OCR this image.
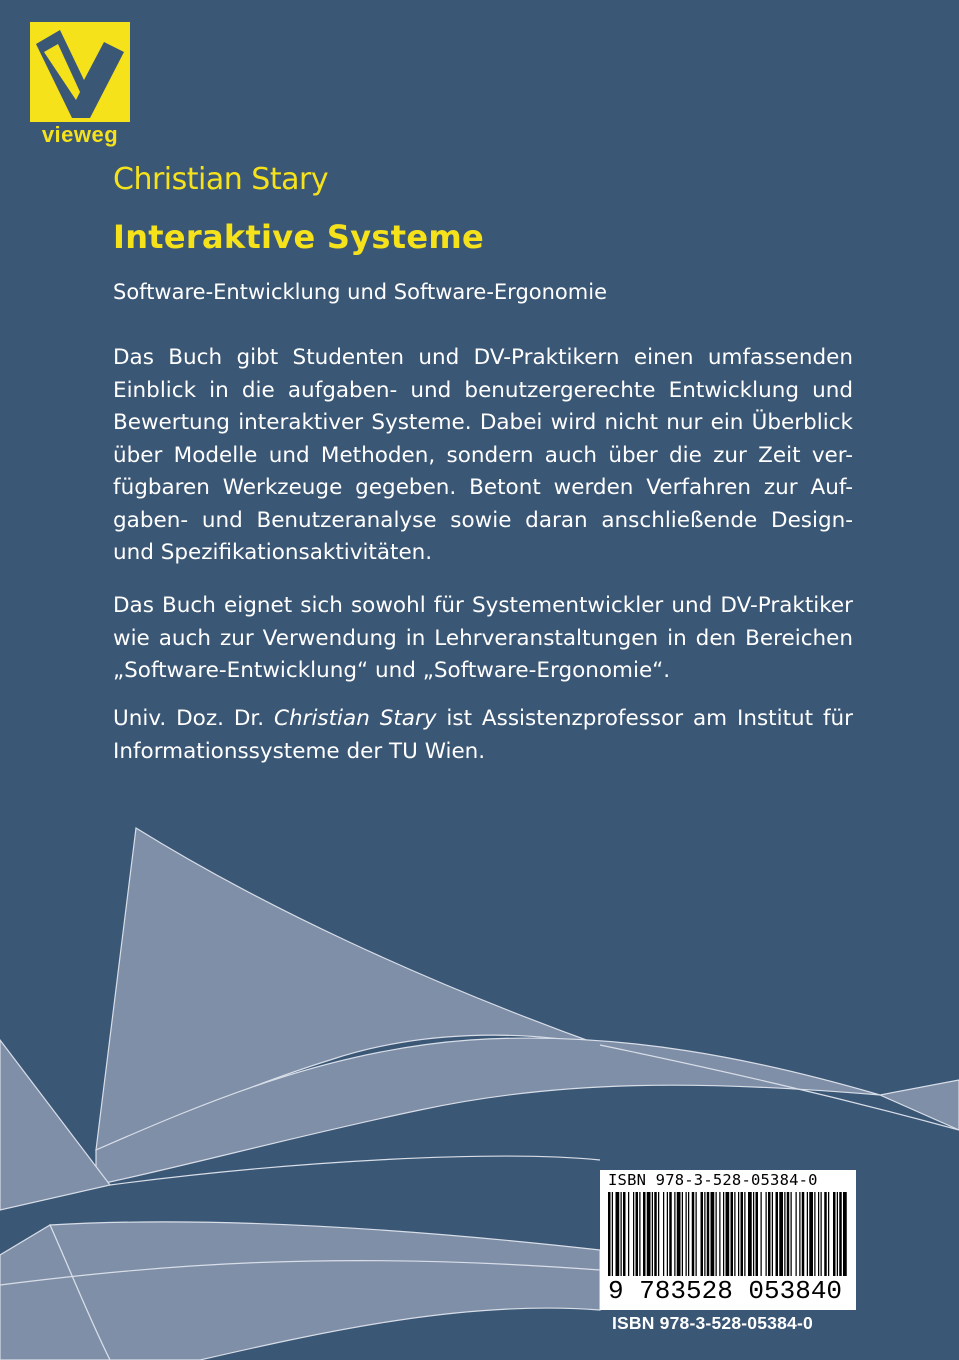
vieweg
Christian Stary
Interaktive Systeme
Software-Entwicklung und Software-Ergonomie

Das Buch gibt Studenten und DV-Praktikern einen umfassenden
Einblick in die aufgaben- und benutzergerechte Entwicklung und
Bewertung interaktiver Systeme. Dabei wird nicht nur ein Überblick
über Modelle und Methoden, sondern auch über die zur Zeit ver-
fügbaren Werkzeuge gegeben. Betont werden Verfahren zur Auf-
gaben- und Benutzeranalyse sowie daran anschließende Design-
und Spezifikationsaktivitäten.

Das Buch eignet sich sowohl für Systementwickler und DV-Praktiker
wie auch zur Verwendung in Lehrveranstaltungen in den Bereichen
„Software-Entwicklung“ und „Software-Ergonomie“.

Univ. Doz. Dr. Christian Stary ist Assistenzprofessor am Institut für
Informationssysteme der TU Wien.

ISBN 978-3-528-05384-0
9 783528 053840
ISBN 978-3-528-05384-0
